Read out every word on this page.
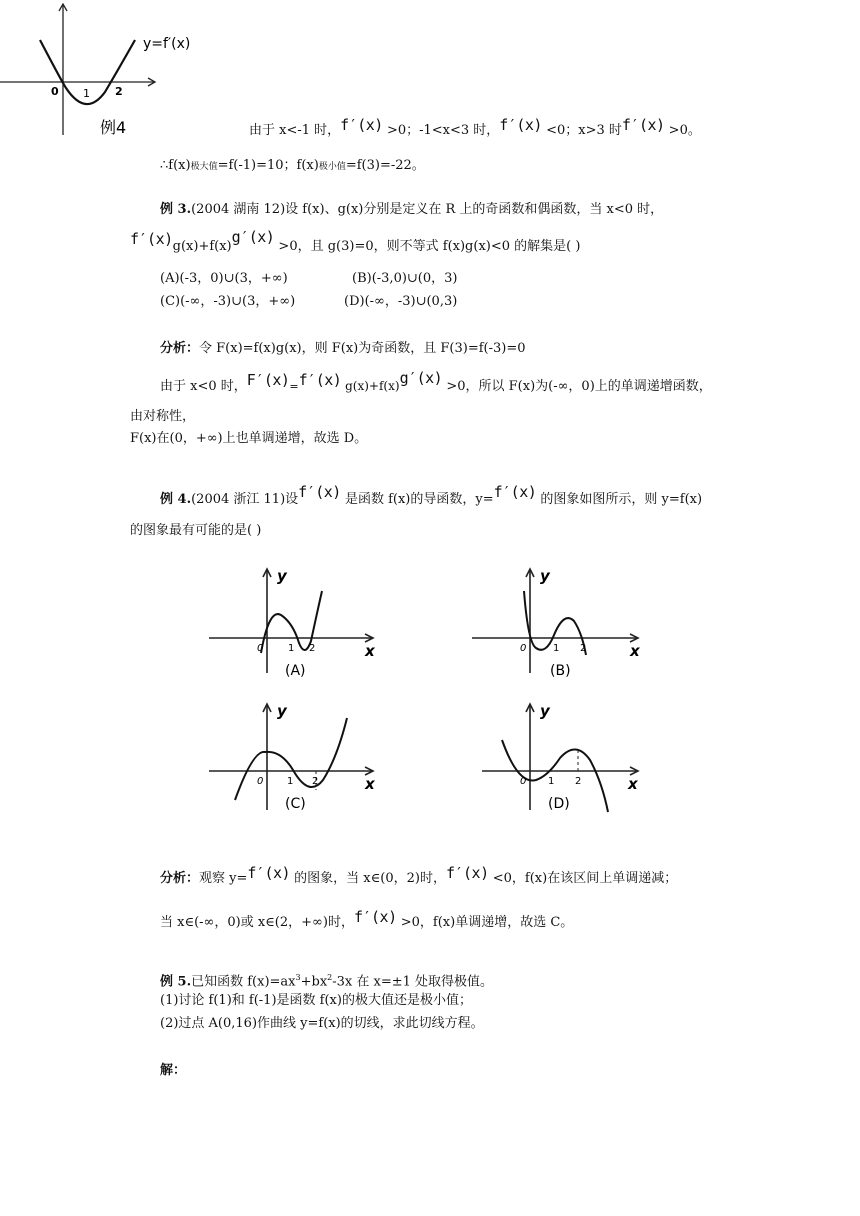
y=f′(x)
0 1 2
例4	由于 x<-1 时，f′(x) >0；-1<x<3 时，f′(x) <0；x>3 时f′(x) >0。
∴f(x)极大值=f(-1)=10；f(x)极小值=f(3)=-22。
例 3.(2004 湖南 12)设 f(x)、g(x)分别是定义在 R 上的奇函数和偶函数，当 x<0 时，
f′(x)g(x)+f(x)g′(x) >0，且 g(3)=0，则不等式 f(x)g(x)<0 的解集是( )
(A)(-3，0)∪(3，+∞)	(B)(-3,0)∪(0，3)
(C)(-∞，-3)∪(3，+∞)	(D)(-∞，-3)∪(0,3)
分析：令 F(x)=f(x)g(x)，则 F(x)为奇函数，且 F(3)=f(-3)=0
由于 x<0 时，F′(x)=f′(x) g(x)+f(x)g′(x) >0，所以 F(x)为(-∞，0)上的单调递增函数，
由对称性，
F(x)在(0，+∞)上也单调递增，故选 D。
例 4.(2004 浙江 11)设f′(x) 是函数 f(x)的导函数，y=f′(x) 的图象如图所示，则 y=f(x)
的图象最有可能的是( )
y
x
0 1 2
(A)
y
x
0	1 2
(B)
y
x
0 1 2
(C)
y
x
0 1 2
(D)
分析：观察 y=f′(x) 的图象，当 x∈(0，2)时，f′(x) <0，f(x)在该区间上单调递减；
当 x∈(-∞，0)或 x∈(2，+∞)时，f′(x) >0，f(x)单调递增，故选 C。
例 5.已知函数 $f(x)=ax^3+bx^2-3x$ 在 x=±1 处取得极值。
(1)讨论 f(1)和 f(-1)是函数 f(x)的极大值还是极小值；
(2)过点 A(0,16)作曲线 y=f(x)的切线，求此切线方程。
解：
